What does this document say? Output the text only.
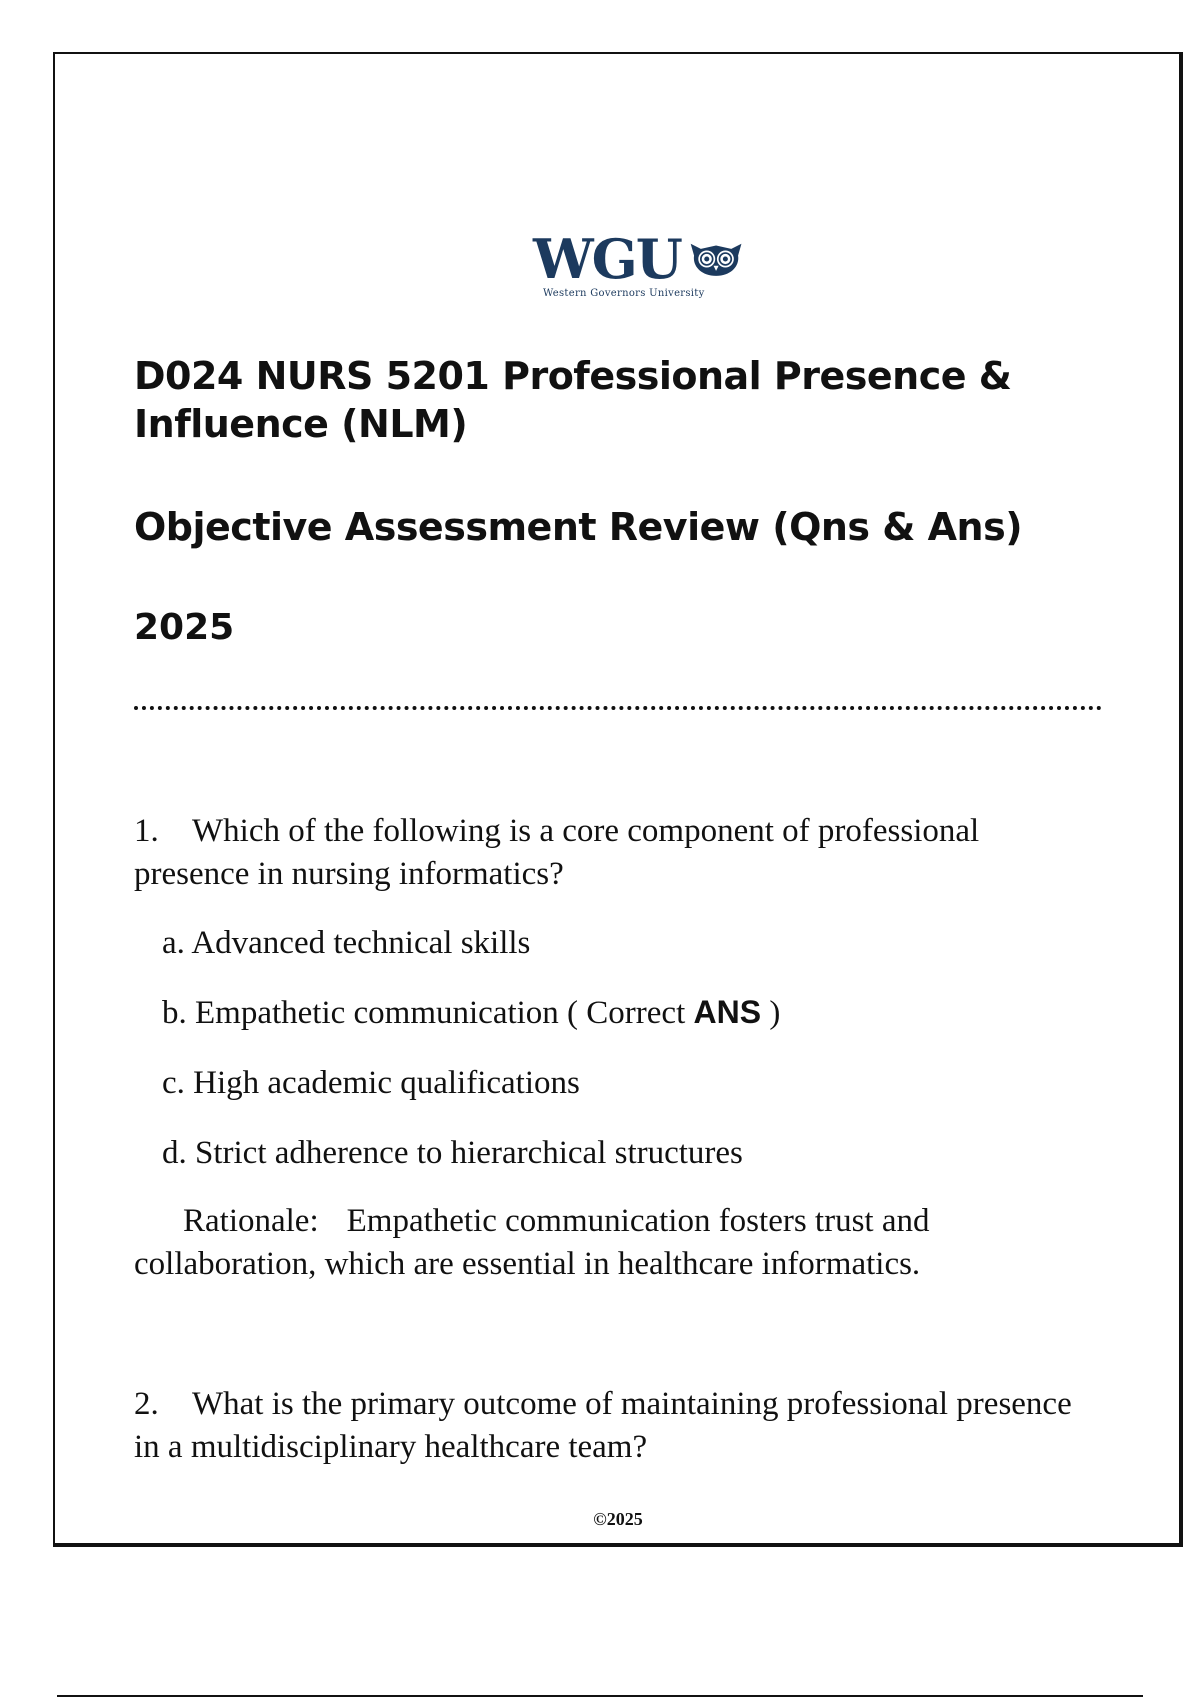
WGU
Western Governors University
D024 NURS 5201 Professional Presence & Influence (NLM)
Objective Assessment Review (Qns & Ans)
2025
1. Which of the following is a core component of professional presence in nursing informatics?
a. Advanced technical skills
b. Empathetic communication ( Correct ANS )
c. High academic qualifications
d. Strict adherence to hierarchical structures
Rationale: Empathetic communication fosters trust and collaboration, which are essential in healthcare informatics.
2. What is the primary outcome of maintaining professional presence in a multidisciplinary healthcare team?
©2025
